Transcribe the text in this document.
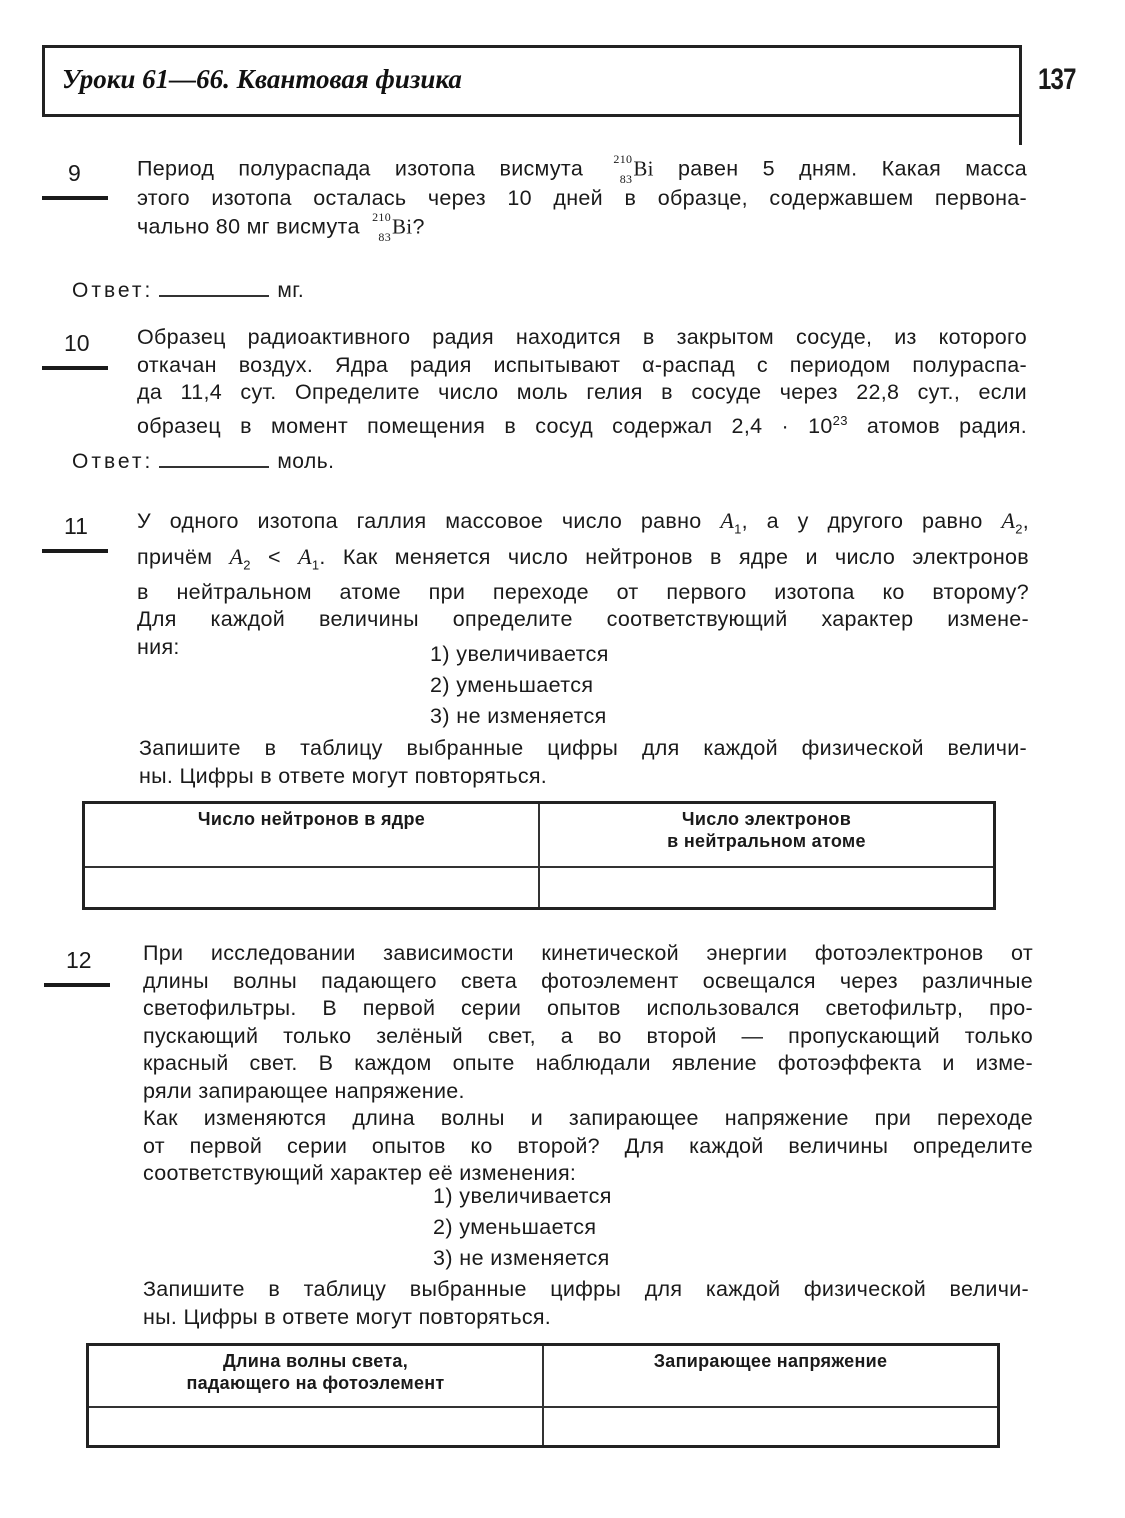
Уроки 61—66. Квантовая физика	137
9	Период полураспада изотопа висмута	210
83 Bi равен 5 дням. Какая масса
этого изотопа осталась через 10 дней в образце, содержавшем первона-
чально 80 мг висмута 210
83 Bi?
Ответ:	мг.
10 Образец радиоактивного радия находится в закрытом сосуде, из которого
откачан воздух. Ядра радия испытывают α-распад с периодом полураспа-
да 11,4 сут. Определите число моль гелия в сосуде через 22,8 сут., если
образец в момент помещения в сосуд содержал $2,4 \cdot 10^{23}$ атомов радия.
Ответ:	моль.
11 У одного изотопа галлия массовое число равно $A_1$, а у другого равно $A_2$,
причём $A_2 < A_1$. Как меняется число нейтронов в ядре и число электронов
в нейтральном атоме при переходе от первого изотопа ко второму?
Для каждой величины определите соответствующий характер измене-
ния:	1) увеличивается
2) уменьшается
3) не изменяется
Запишите в таблицу выбранные цифры для каждой физической величи-
ны. Цифры в ответе могут повторяться.
Число нейтронов в ядре	Число электронов
в нейтральном атоме

12 При исследовании зависимости кинетической энергии фотоэлектронов от
длины волны падающего света фотоэлемент освещался через различные
светофильтры. В первой серии опытов использовался светофильтр, про-
пускающий только зелёный свет, а во второй — пропускающий только
красный свет. В каждом опыте наблюдали явление фотоэффекта и изме-
ряли запирающее напряжение.
Как изменяются длина волны и запирающее напряжение при переходе
от первой серии опытов ко второй? Для каждой величины определите
соответствующий характер её изменения:
1) увеличивается
2) уменьшается
3) не изменяется
Запишите в таблицу выбранные цифры для каждой физической величи-
ны. Цифры в ответе могут повторяться.
Длина волны света,
падающего на фотоэлемент	Запирающее напряжение
